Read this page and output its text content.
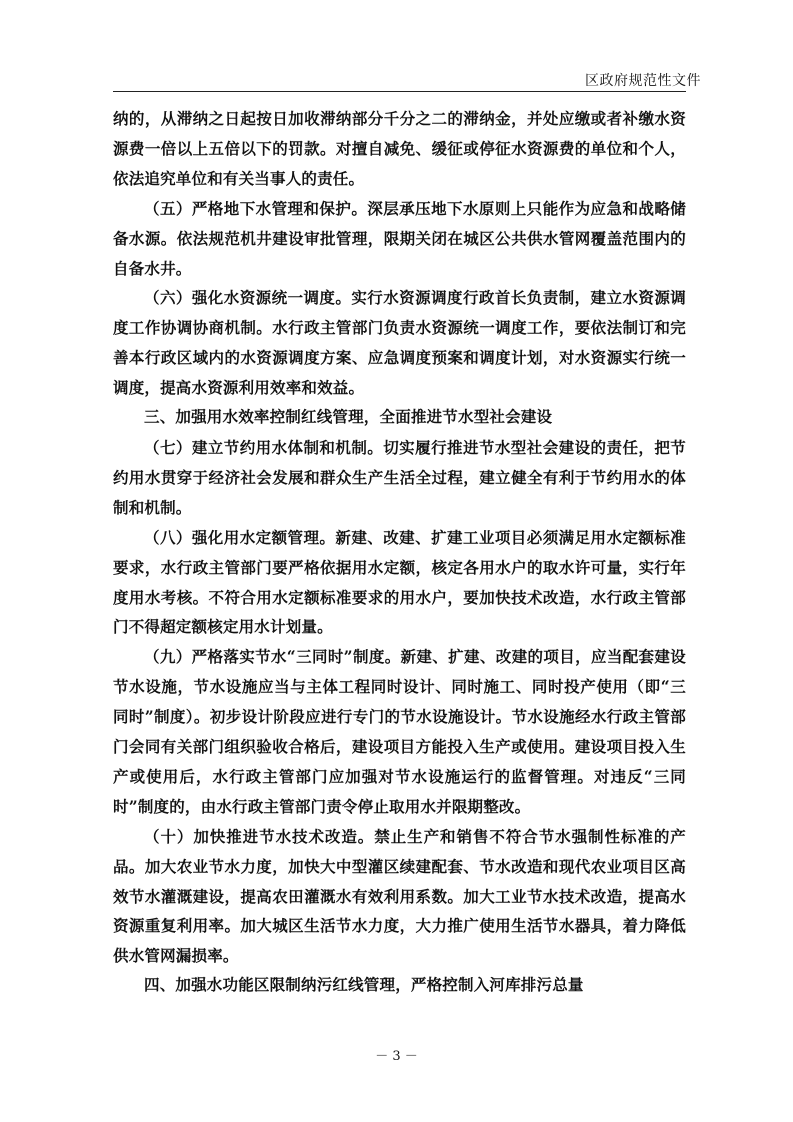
区政府规范性文件

纳的，从滞纳之日起按日加收滞纳部分千分之二的滞纳金，并处应缴或者补缴水资源费一倍以上五倍以下的罚款。对擅自减免、缓征或停征水资源费的单位和个人，依法追究单位和有关当事人的责任。

（五）严格地下水管理和保护。深层承压地下水原则上只能作为应急和战略储备水源。依法规范机井建设审批管理，限期关闭在城区公共供水管网覆盖范围内的自备水井。

（六）强化水资源统一调度。实行水资源调度行政首长负责制，建立水资源调度工作协调协商机制。水行政主管部门负责水资源统一调度工作，要依法制订和完善本行政区域内的水资源调度方案、应急调度预案和调度计划，对水资源实行统一调度，提高水资源利用效率和效益。

三、加强用水效率控制红线管理，全面推进节水型社会建设

（七）建立节约用水体制和机制。切实履行推进节水型社会建设的责任，把节约用水贯穿于经济社会发展和群众生产生活全过程，建立健全有利于节约用水的体制和机制。

（八）强化用水定额管理。新建、改建、扩建工业项目必须满足用水定额标准要求，水行政主管部门要严格依据用水定额，核定各用水户的取水许可量，实行年度用水考核。不符合用水定额标准要求的用水户，要加快技术改造，水行政主管部门不得超定额核定用水计划量。

（九）严格落实节水“三同时”制度。新建、扩建、改建的项目，应当配套建设节水设施，节水设施应当与主体工程同时设计、同时施工、同时投产使用（即“三同时”制度）。初步设计阶段应进行专门的节水设施设计。节水设施经水行政主管部门会同有关部门组织验收合格后，建设项目方能投入生产或使用。建设项目投入生产或使用后，水行政主管部门应加强对节水设施运行的监督管理。对违反“三同时”制度的，由水行政主管部门责令停止取用水并限期整改。

（十）加快推进节水技术改造。禁止生产和销售不符合节水强制性标准的产品。加大农业节水力度，加快大中型灌区续建配套、节水改造和现代农业项目区高效节水灌溉建设，提高农田灌溉水有效利用系数。加大工业节水技术改造，提高水资源重复利用率。加大城区生活节水力度，大力推广使用生活节水器具，着力降低供水管网漏损率。

四、加强水功能区限制纳污红线管理，严格控制入河库排污总量

－ 3 －
